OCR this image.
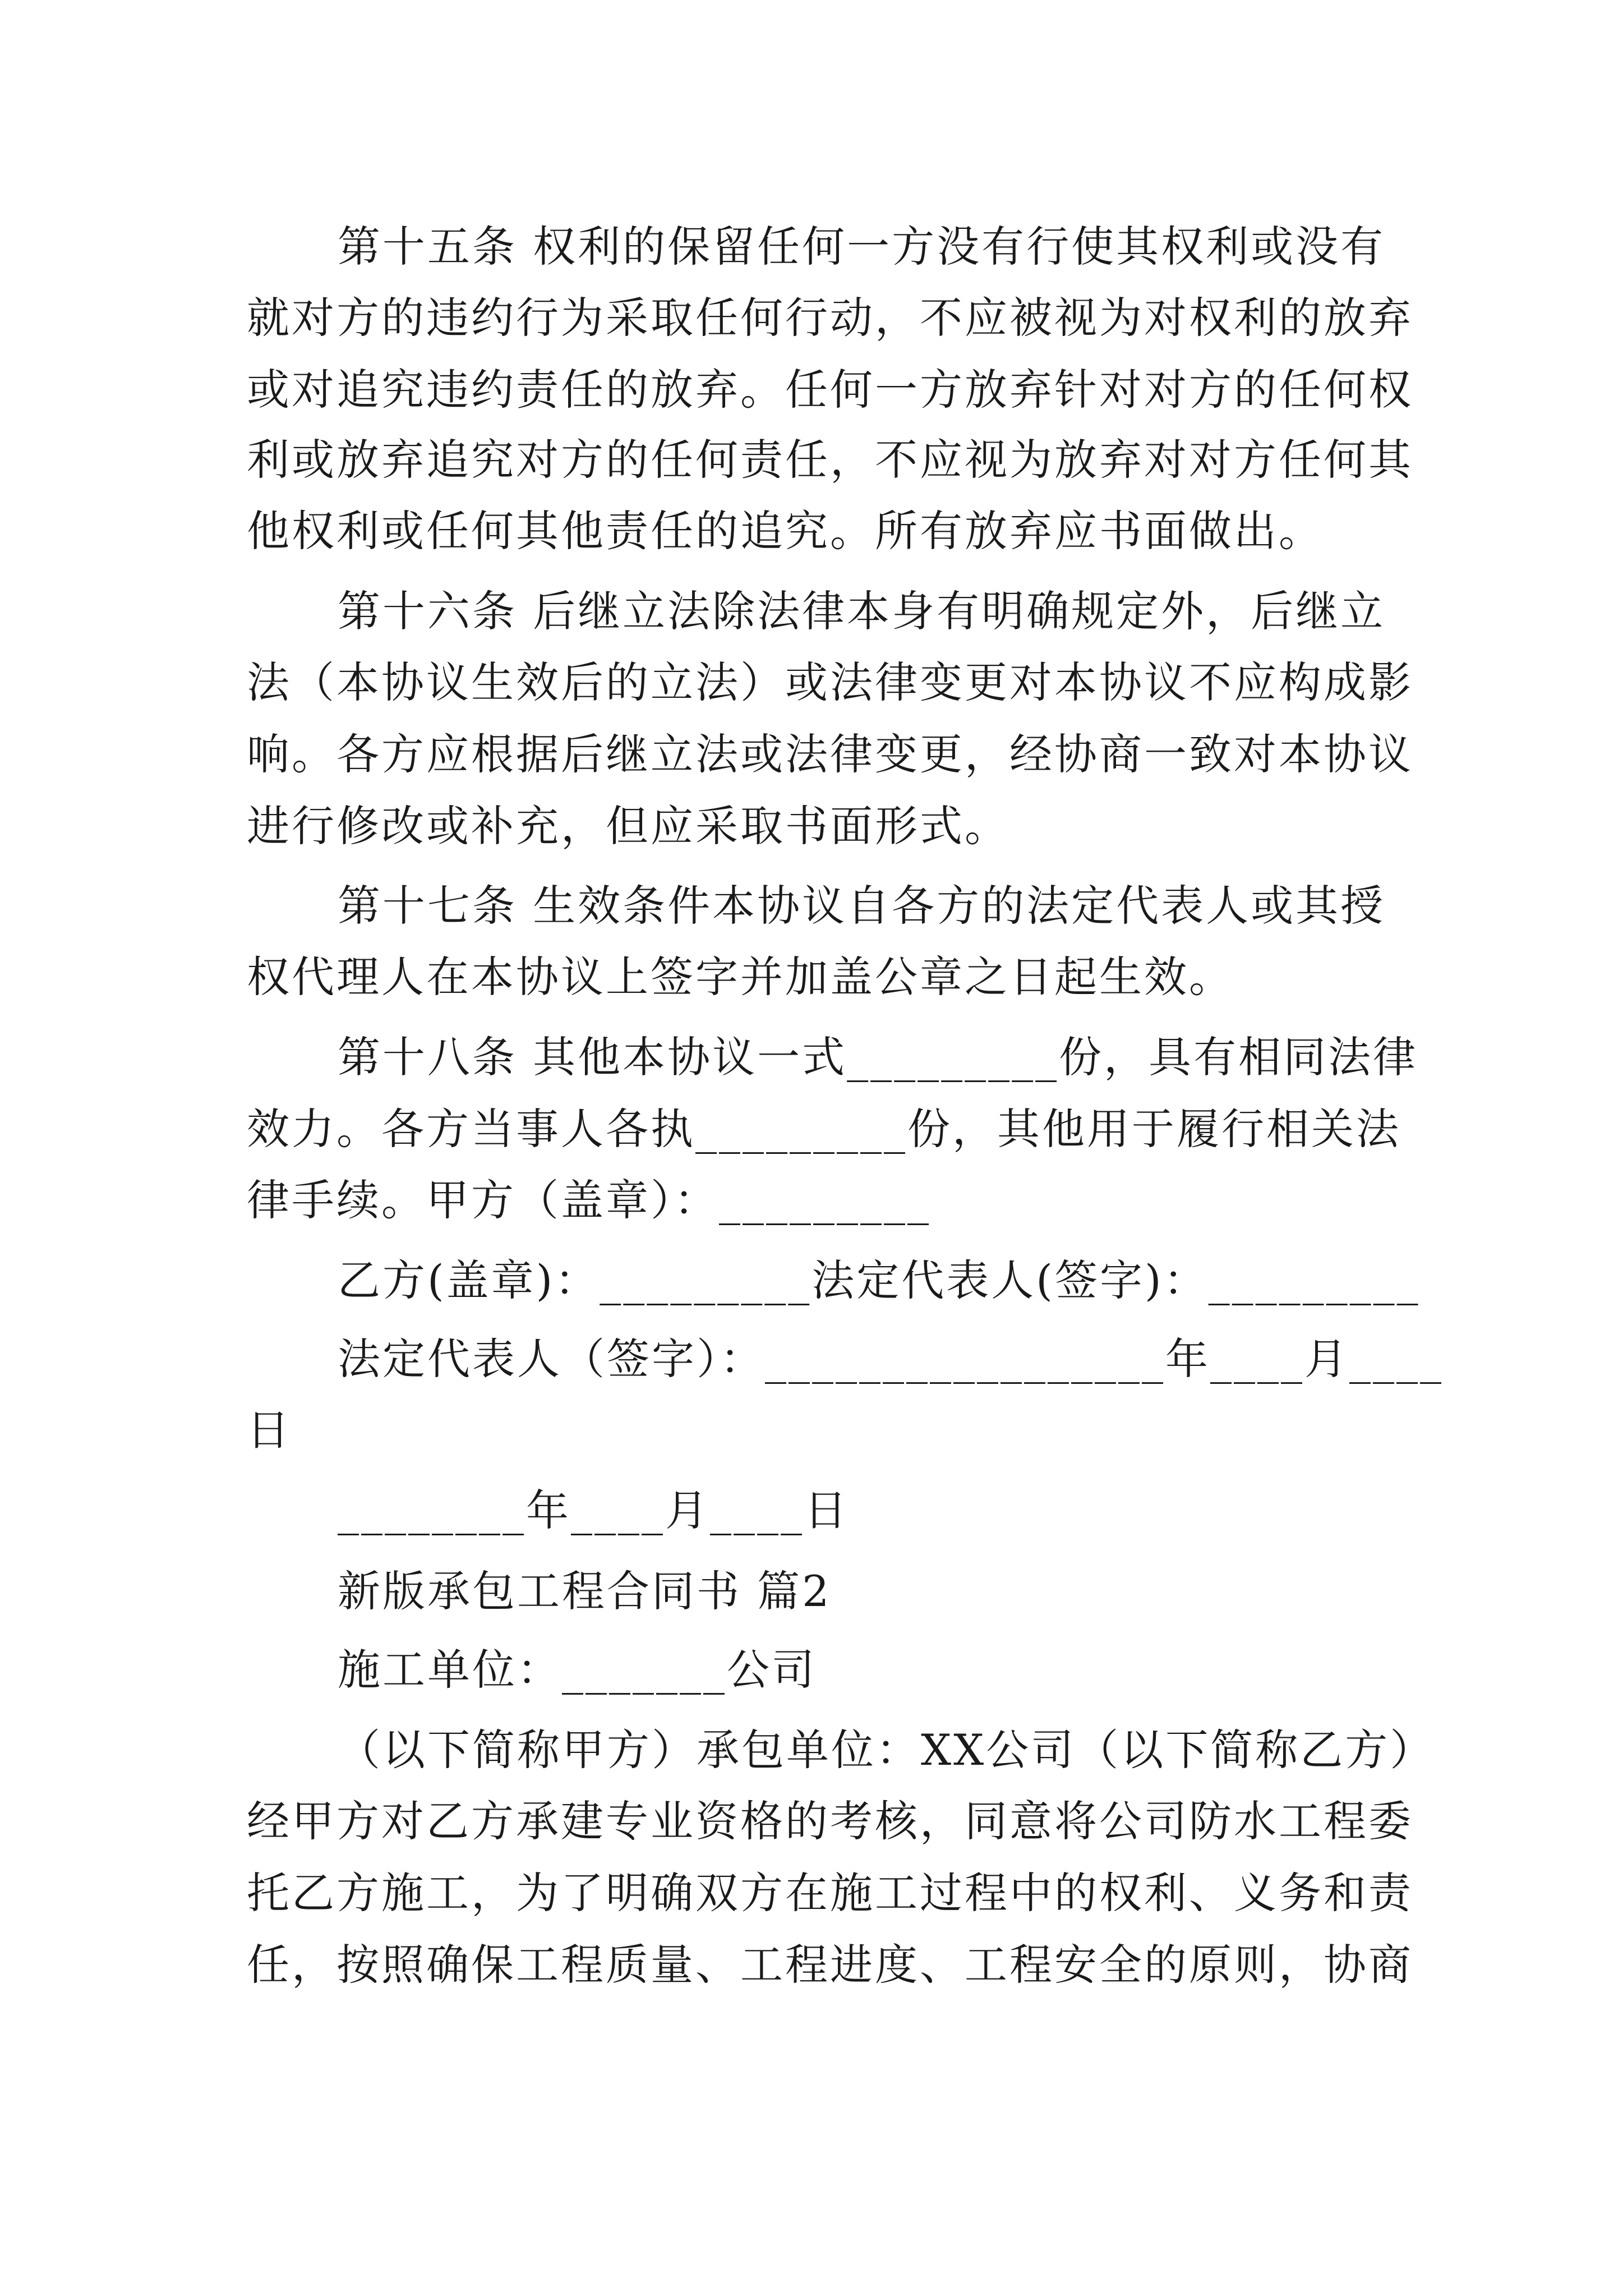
第十五条 权利的保留任何一方没有行使其权利或没有
就对方的违约行为采取任何行动，不应被视为对权利的放弃
或对追究违约责任的放弃。任何一方放弃针对对方的任何权
利或放弃追究对方的任何责任，不应视为放弃对对方任何其
他权利或任何其他责任的追究。所有放弃应书面做出。
第十六条 后继立法除法律本身有明确规定外，后继立
法（本协议生效后的立法）或法律变更对本协议不应构成影
响。各方应根据后继立法或法律变更，经协商一致对本协议
进行修改或补充，但应采取书面形式。
第十七条 生效条件本协议自各方的法定代表人或其授
权代理人在本协议上签字并加盖公章之日起生效。
第十八条 其他本协议一式_________份，具有相同法律
效力。各方当事人各执_________份，其他用于履行相关法
律手续。甲方（盖章）：_________
乙方(盖章)：_________法定代表人(签字)：_________
法定代表人（签字）：_________________年____月____
日
________年____月____日
新版承包工程合同书 篇2
施工单位：_______公司
（以下简称甲方）承包单位：XX公司（以下简称乙方）
经甲方对乙方承建专业资格的考核，同意将公司防水工程委
托乙方施工，为了明确双方在施工过程中的权利、义务和责
任，按照确保工程质量、工程进度、工程安全的原则，协商
